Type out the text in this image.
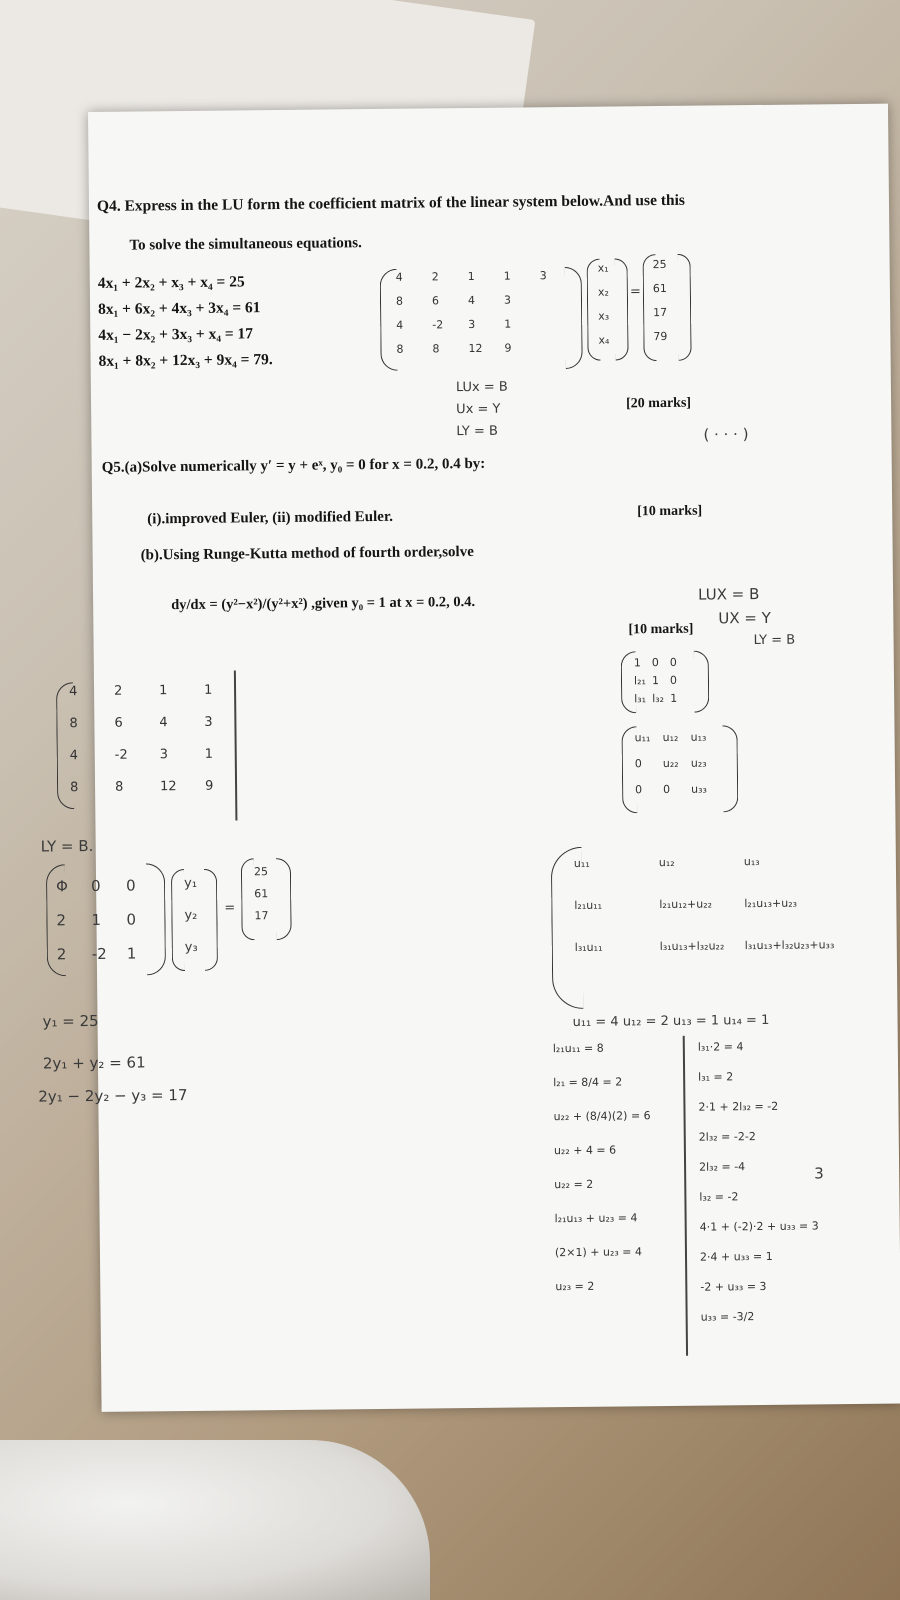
Q4. Express in the LU form the coefficient matrix of the linear system below.And use this
To solve the simultaneous equations.
4x₁ + 2x₂ + x₃ + x₄ = 25
8x₁ + 6x₂ + 4x₃ + 3x₄ = 61
4x₁ − 2x₂ + 3x₃ + x₄ = 17
8x₁ + 8x₂ + 12x₃ + 9x₄ = 79.
[20 marks]
4	2	1	1	3
8	6	4	3
4	-2 3	1
8	8	12 9
x₁
x₂
x₃
x₄
=
25
61
17
79
LUx = B
Ux = Y
LY = B	( · · · )
Q5.(a)Solve numerically y′ = y + eˣ, y₀ = 0 for x = 0.2, 0.4 by:
(i).improved Euler, (ii) modified Euler.	[10 marks]
(b).Using Runge-Kutta method of fourth order,solve
dy/dx = (y²−x²)/(y²+x²) ,given y₀ = 1 at x = 0.2, 0.4.
[10 marks]
LUX = B
UX = Y
LY = B
4	2	1	1
8	6	4	3
4	-2 3	1
8	8	12 9
1 0 0
l₂₁ 1 0
l₃₁ l₃₂ 1
u₁₁ u₁₂ u₁₃
0 u₂₂ u₂₃
0 0 u₃₃
LY = B.
Φ 0 0
2 1 0
2 -2 1
y₁
y₂
y₃
=
25
61
17
y₁ = 25
2y₁ + y₂ = 61
2y₁ − 2y₂ − y₃ = 17
u₁₁	u₁₂	u₁₃
l₂₁u₁₁	l₂₁u₁₂+u₂₂	l₂₁u₁₃+u₂₃
l₃₁u₁₁	l₃₁u₁₃+l₃₂u₂₂ l₃₁u₁₃+l₃₂u₂₃+u₃₃
u₁₁ = 4 u₁₂ = 2 u₁₃ = 1 u₁₄ = 1
l₂₁u₁₁ = 8
l₂₁ = 8/4 = 2
u₂₂ + (8/4)(2) = 6
u₂₂ + 4 = 6
u₂₂ = 2
l₂₁u₁₃ + u₂₃ = 4
(2×1) + u₂₃ = 4
u₂₃ = 2
l₃₁·2 = 4
l₃₁ = 2
2·1 + 2l₃₂ = -2
2l₃₂ = -2-2
2l₃₂ = -4
l₃₂ = -2
4·1 + (-2)·2 + u₃₃ = 3
2·4 + u₃₃ = 1
-2 + u₃₃ = 3
u₃₃ = -3/2
3
